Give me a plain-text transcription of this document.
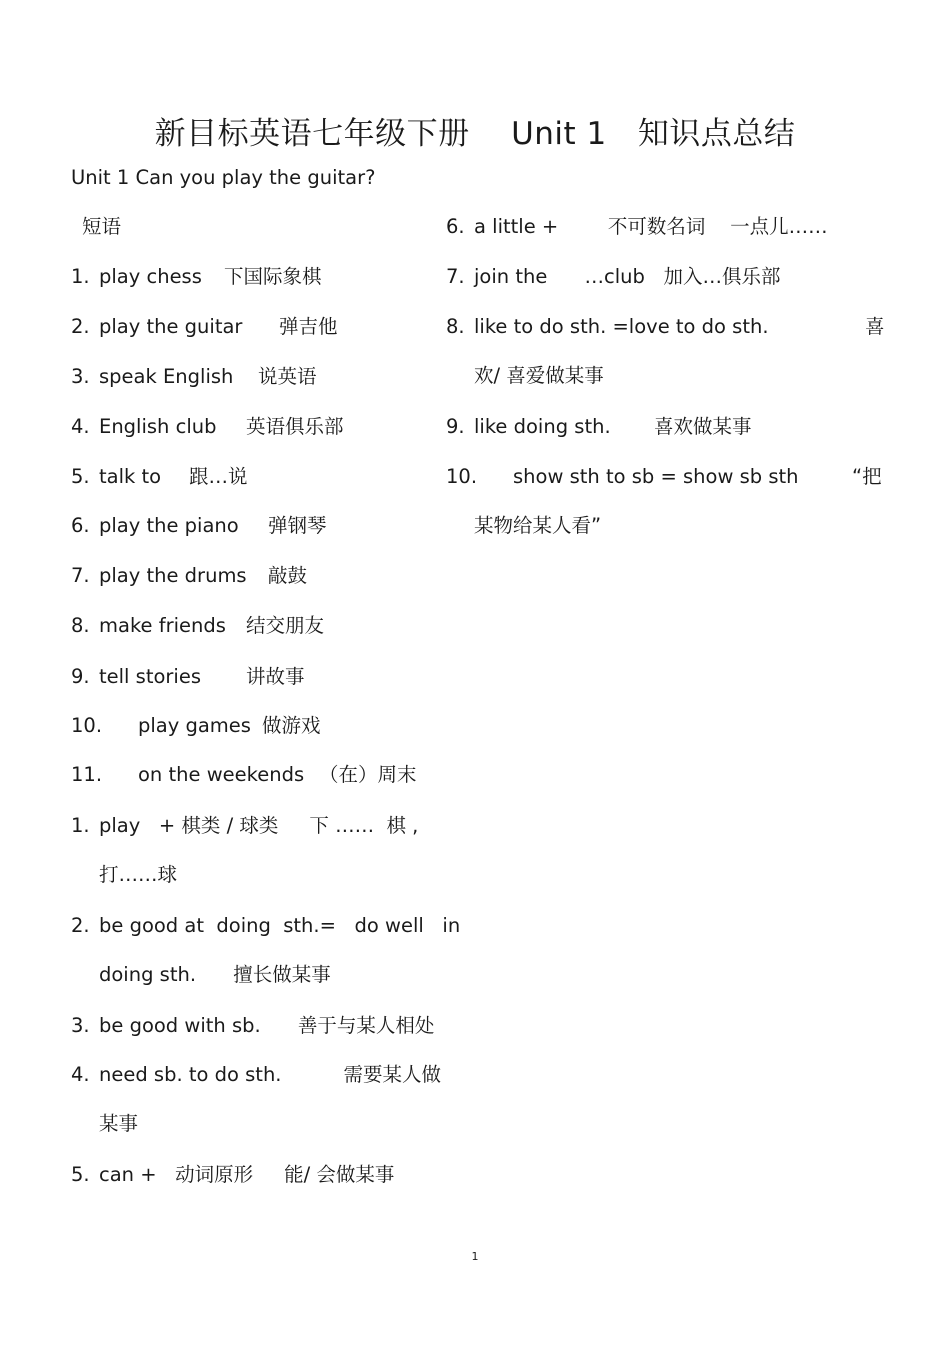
新目标英语七年级下册    Unit 1   知识点总结
Unit 1 Can you play the guitar?
短语
1. play chess 下国际象棋
2. play the guitar 弹吉他
3. speak English 说英语
4. English club 英语俱乐部
5. talk to 跟…说
6. play the piano 弹钢琴
7. play the drums 敲鼓
8. make friends 结交朋友
9. tell stories 讲故事
10. play games 做游戏
11. on the weekends （在）周末
1. play   + 棋类 / 球类     下 ……  棋 ,
打……球
2. be good at  doing  sth.=   do well   in
doing sth.      擅长做某事
3. be good with sb.      善于与某人相处
4. need sb. to do sth.          需要某人做
某事
5. can +   动词原形     能/ 会做某事
6. a little +        不可数名词    一点儿……
7. join the      …club   加入…俱乐部
8. like to do sth. =love to do sth.	喜
欢/ 喜爱做某事
9. like doing sth.       喜欢做某事
10. show sth to sb = show sb sth	“把
某物给某人看”
1
